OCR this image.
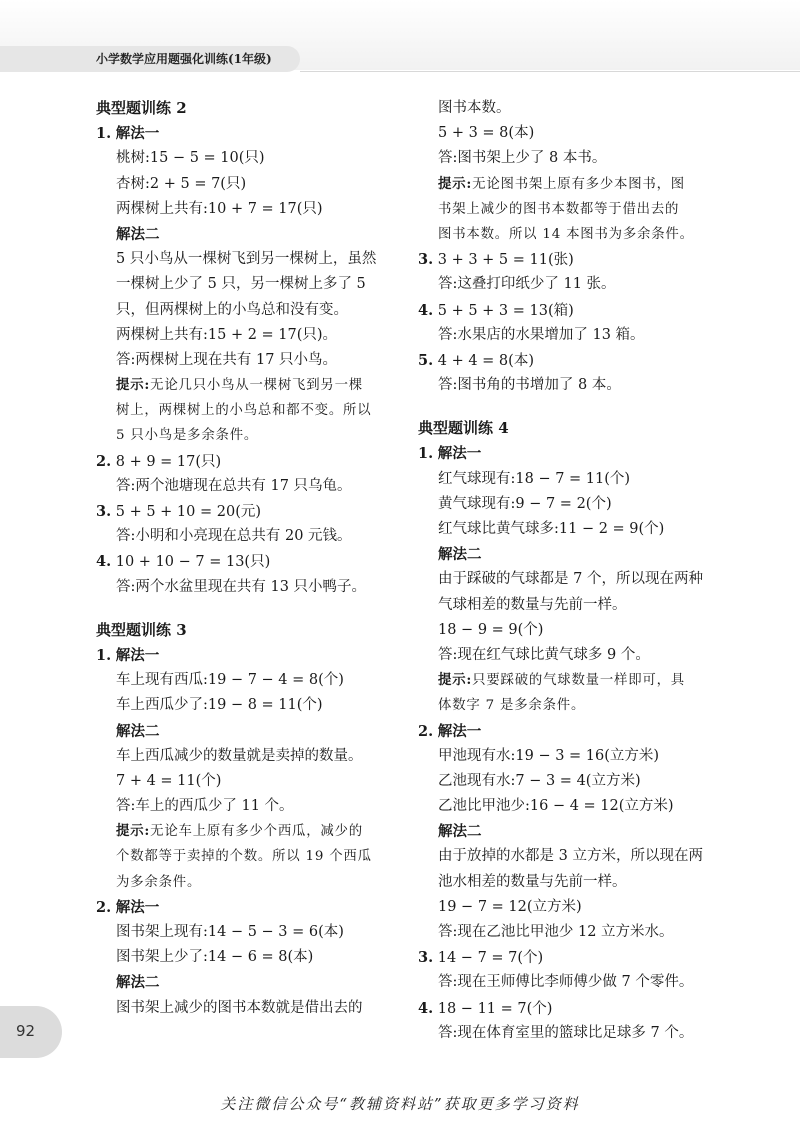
小学数学应用题强化训练(1年级)
典型题训练 2
1. 解法一
桃树:15 − 5 = 10(只)
杏树:2 + 5 = 7(只)
两棵树上共有:10 + 7 = 17(只)
解法二
5 只小鸟从一棵树飞到另一棵树上，虽然
一棵树上少了 5 只，另一棵树上多了 5
只，但两棵树上的小鸟总和没有变。
两棵树上共有:15 + 2 = 17(只)。
答:两棵树上现在共有 17 只小鸟。
提示:无论几只小鸟从一棵树飞到另一棵
树上，两棵树上的小鸟总和都不变。所以
5 只小鸟是多余条件。
2. 8 + 9 = 17(只)
答:两个池塘现在总共有 17 只乌龟。
3. 5 + 5 + 10 = 20(元)
答:小明和小亮现在总共有 20 元钱。
4. 10 + 10 − 7 = 13(只)
答:两个水盆里现在共有 13 只小鸭子。
典型题训练 3
1. 解法一
车上现有西瓜:19 − 7 − 4 = 8(个)
车上西瓜少了:19 − 8 = 11(个)
解法二
车上西瓜减少的数量就是卖掉的数量。
7 + 4 = 11(个)
答:车上的西瓜少了 11 个。
提示:无论车上原有多少个西瓜，减少的
个数都等于卖掉的个数。所以 19 个西瓜
为多余条件。
2. 解法一
图书架上现有:14 − 5 − 3 = 6(本)
图书架上少了:14 − 6 = 8(本)
解法二
图书架上减少的图书本数就是借出去的
图书本数。
5 + 3 = 8(本)
答:图书架上少了 8 本书。
提示:无论图书架上原有多少本图书，图
书架上减少的图书本数都等于借出去的
图书本数。所以 14 本图书为多余条件。
3. 3 + 3 + 5 = 11(张)
答:这叠打印纸少了 11 张。
4. 5 + 5 + 3 = 13(箱)
答:水果店的水果增加了 13 箱。
5. 4 + 4 = 8(本)
答:图书角的书增加了 8 本。
典型题训练 4
1. 解法一
红气球现有:18 − 7 = 11(个)
黄气球现有:9 − 7 = 2(个)
红气球比黄气球多:11 − 2 = 9(个)
解法二
由于踩破的气球都是 7 个，所以现在两种
气球相差的数量与先前一样。
18 − 9 = 9(个)
答:现在红气球比黄气球多 9 个。
提示:只要踩破的气球数量一样即可，具
体数字 7 是多余条件。
2. 解法一
甲池现有水:19 − 3 = 16(立方米)
乙池现有水:7 − 3 = 4(立方米)
乙池比甲池少:16 − 4 = 12(立方米)
解法二
由于放掉的水都是 3 立方米，所以现在两
池水相差的数量与先前一样。
19 − 7 = 12(立方米)
答:现在乙池比甲池少 12 立方米水。
3. 14 − 7 = 7(个)
答:现在王师傅比李师傅少做 7 个零件。
4. 18 − 11 = 7(个)
答:现在体育室里的篮球比足球多 7 个。
92
关注微信公众号“教辅资料站”获取更多学习资料
